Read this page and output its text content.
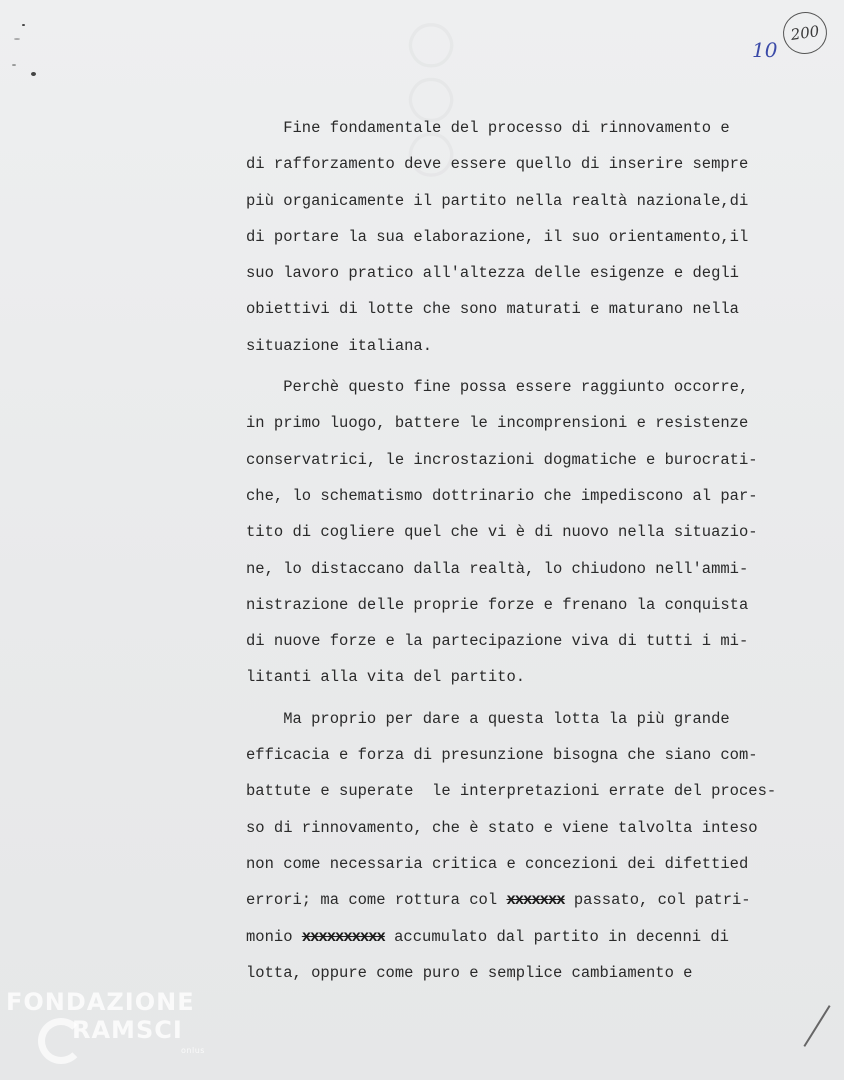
○○○	10
200
Fine fondamentale del processo di rinnovamento e
di rafforzamento deve essere quello di inserire sempre
più organicamente il partito nella realtà nazionale,di
di portare la sua elaborazione, il suo orientamento,il
suo lavoro pratico all'altezza delle esigenze e degli
obiettivi di lotte che sono maturati e maturano nella
situazione italiana.
Perchè questo fine possa essere raggiunto occorre,
in primo luogo, battere le incomprensioni e resistenze
conservatrici, le incrostazioni dogmatiche e burocrati-
che, lo schematismo dottrinario che impediscono al par-
tito di cogliere quel che vi è di nuovo nella situazio-
ne, lo distaccano dalla realtà, lo chiudono nell'ammi-
nistrazione delle proprie forze e frenano la conquista
di nuove forze e la partecipazione viva di tutti i mi-
litanti alla vita del partito.
Ma proprio per dare a questa lotta la più grande
efficacia e forza di presunzione bisogna che siano com-
battute e superate  le interpretazioni errate del proces-
so di rinnovamento, che è stato e viene talvolta inteso
non come necessaria critica e concezioni dei difettied
errori; ma come rottura col xxxxxxx passato, col patri-
monio xxxxxxxxxx accumulato dal partito in decenni di
lotta, oppure come puro e semplice cambiamento e
FONDAZIONE
RAMSCI
onlus
